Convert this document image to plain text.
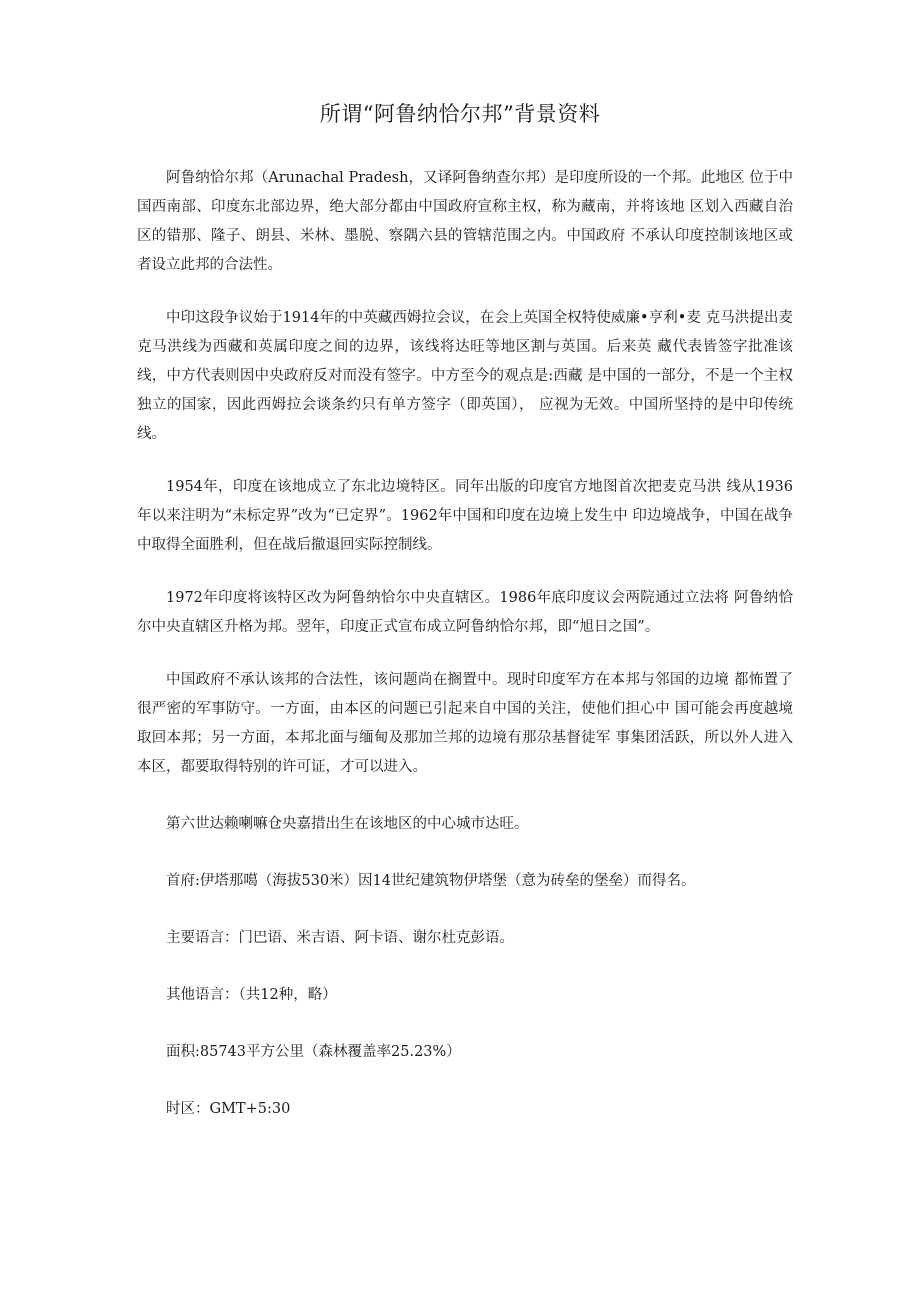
所谓“阿鲁纳恰尔邦”背景资料

阿鲁纳恰尔邦（Arunachal Pradesh，又译阿鲁纳查尔邦）是印度所设的一个邦。此地区 位于中国西南部、印度东北部边界，绝大部分都由中国政府宣称主权，称为藏南，并将该地 区划入西藏自治区的错那、隆子、朗县、米林、墨脱、察隅六县的管辖范围之内。中国政府 不承认印度控制该地区或者设立此邦的合法性。

中印这段争议始于1914年的中英藏西姆拉会议，在会上英国全权特使威廉•亨利•麦 克马洪提出麦克马洪线为西藏和英属印度之间的边界，该线将达旺等地区割与英国。后来英 藏代表皆签字批准该线，中方代表则因中央政府反对而没有签字。中方至今的观点是:西藏 是中国的一部分，不是一个主权独立的国家，因此西姆拉会谈条约只有单方签字（即英国）， 应视为无效。中国所坚持的是中印传统线。

1954年，印度在该地成立了东北边境特区。同年出版的印度官方地图首次把麦克马洪 线从1936年以来注明为“未标定界”改为“已定界”。1962年中国和印度在边境上发生中 印边境战争，中国在战争中取得全面胜利，但在战后撤退回实际控制线。

1972年印度将该特区改为阿鲁纳恰尔中央直辖区。1986年底印度议会两院通过立法将 阿鲁纳恰尔中央直辖区升格为邦。翌年，印度正式宣布成立阿鲁纳恰尔邦，即“旭日之国”。

中国政府不承认该邦的合法性，该问题尚在搁置中。现时印度军方在本邦与邻国的边境 都怖置了很严密的军事防守。一方面，由本区的问题已引起来自中国的关注，使他们担心中 国可能会再度越境取回本邦；另一方面，本邦北面与缅甸及那加兰邦的边境有那尕基督徒军 事集团活跃，所以外人进入本区，都要取得特别的许可证，才可以进入。

第六世达赖喇嘛仓央嘉措出生在该地区的中心城市达旺。

首府:伊塔那噶（海拔530米）因14世纪建筑物伊塔堡（意为砖垒的堡垒）而得名。

主要语言：门巴语、米吉语、阿卡语、谢尔杜克彭语。

其他语言：（共12种，略）

面积:85743平方公里（森林覆盖率25.23%）

时区：GMT+5:30
